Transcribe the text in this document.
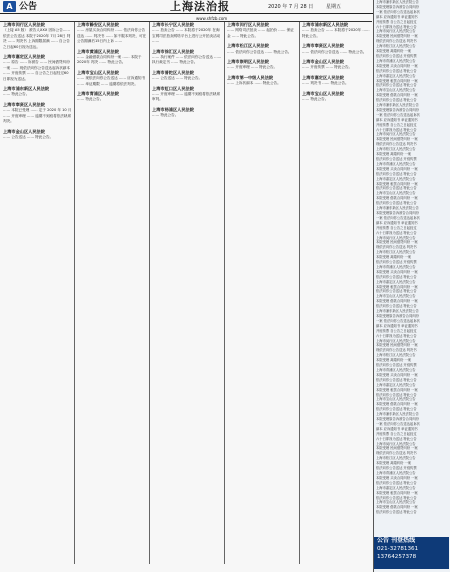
A 公告	上海法治报	2020 年 7 月 28 日	星期五
www.shfzb.com
上海市闵行区人民法院
（上接 A5 版） 被告人XXX 因诉公告…… 依法公告送达 本院于2020年 7月 28日 判决 …… 判决书 上诉期限届满 …… 自公告之日起60日视为送达。
上海市嘉定区人民法院
…… 原告 …… 诉被告 …… 民间借贷纠纷一案 …… 现依法向你公告送达起诉状副本 …… 开庭传票 …… 自公告之日起经过60日即视为送达。
上海市浦东新区人民法院
…… 特此公告。
上海市奉贤区人民法院
…… 本院已受理 …… 定于 2020 年 10 月 …… 开庭审理 …… 逾期不到庭将依法缺席判决。
上海市金山区人民法院
…… 公告送达 …… 特此公告。
上海市静安区人民法院
…… 房屋买卖合同纠纷 …… 依法向你公告送达 …… 判决书 …… 如不服本判决，可在公告期满后15日内上诉 ……
上海市黄浦区人民法院
…… 金融借款合同纠纷一案 …… 本院于2020年 判决 …… 特此公告。
上海市宝山区人民法院
…… 现依法向你公告送达 …… 应诉通知书 …… 举证期限 …… 逾期将依法判决。
上海市青浦区人民法院
…… 特此公告。
上海市长宁区人民法院
…… 拍卖公告 …… 本院将于2020年 在淘宝网司法拍卖网络平台上进行公开拍卖活动 ……
上海市徐汇区人民法院
…… 执行案件 …… 依法向你公告送达 …… 执行裁定书 …… 特此公告。
上海市普陀区人民法院
…… 公告送达 …… 特此公告。
上海市虹口区人民法院
…… 开庭审理 …… 逾期不到庭将依法缺席审判。
上海市杨浦区人民法院
…… 特此公告。
上海市闵行区人民法院
…… 网络司法拍卖 …… 起拍价 …… 保证金 …… 特此公告。
上海市松江区人民法院
…… 依法向你公告送达 …… 特此公告。
上海市崇明区人民法院
…… 开庭审理 …… 特此公告。
上海市第一中级人民法院
…… 上诉状副本 …… 特此公告。
上海市浦东新区人民法院
…… 拍卖公告 …… 本院将于2020年 …… 特此公告。
上海市奉贤区人民法院
…… 依法向你公告送达 …… 特此公告。
上海市金山区人民法院
…… 开庭传票 …… 特此公告。
上海市嘉定区人民法院
…… 判决书 …… 特此公告。
上海市宝山区人民法院
…… 特此公告。
上海市浦东新区人民法院公告
本院受理原告诉被告合同纠纷
一案 依法向你公告送达起诉状
副本 应诉通知书 举证通知书
开庭传票 自公告之日起经过
六十日即视为送达 特此公告
上海市闵行区人民法院公告
本院受理 民间借贷纠纷 一案
现依法向你公告送达 判决书
上海市松江区人民法院公告
本院受理 离婚纠纷 一案
依法向你公告送达 开庭传票
上海市青浦区人民法院公告
本院受理 买卖合同纠纷 一案
依法向你公告送达 特此公告
上海市嘉定区人民法院公告
本院受理 租赁合同纠纷 一案
依法向你公告送达 特此公告
上海市宝山区人民法院公告
本院受理 借款合同纠纷 一案
依法向你公告送达 特此公告
上海市浦东新区人民法院公告
本院受理原告诉被告合同纠纷
一案 依法向你公告送达起诉状
副本 应诉通知书 举证通知书
开庭传票 自公告之日起经过
六十日即视为送达 特此公告
上海市闵行区人民法院公告
本院受理 民间借贷纠纷 一案
现依法向你公告送达 判决书
上海市松江区人民法院公告
本院受理 离婚纠纷 一案
依法向你公告送达 开庭传票
上海市青浦区人民法院公告
本院受理 买卖合同纠纷 一案
依法向你公告送达 特此公告
上海市嘉定区人民法院公告
本院受理 租赁合同纠纷 一案
依法向你公告送达 特此公告
上海市宝山区人民法院公告
本院受理 借款合同纠纷 一案
依法向你公告送达 特此公告
上海市浦东新区人民法院公告
本院受理原告诉被告合同纠纷
一案 依法向你公告送达起诉状
副本 应诉通知书 举证通知书
开庭传票 自公告之日起经过
六十日即视为送达 特此公告
上海市闵行区人民法院公告
本院受理 民间借贷纠纷 一案
现依法向你公告送达 判决书
上海市松江区人民法院公告
本院受理 离婚纠纷 一案
依法向你公告送达 开庭传票
上海市青浦区人民法院公告
本院受理 买卖合同纠纷 一案
依法向你公告送达 特此公告
上海市嘉定区人民法院公告
本院受理 租赁合同纠纷 一案
依法向你公告送达 特此公告
上海市宝山区人民法院公告
本院受理 借款合同纠纷 一案
依法向你公告送达 特此公告
上海市浦东新区人民法院公告
本院受理原告诉被告合同纠纷
一案 依法向你公告送达起诉状
副本 应诉通知书 举证通知书
开庭传票 自公告之日起经过
六十日即视为送达 特此公告
上海市闵行区人民法院公告
本院受理 民间借贷纠纷 一案
现依法向你公告送达 判决书
上海市松江区人民法院公告
本院受理 离婚纠纷 一案
依法向你公告送达 开庭传票
上海市青浦区人民法院公告
本院受理 买卖合同纠纷 一案
依法向你公告送达 特此公告
上海市嘉定区人民法院公告
本院受理 租赁合同纠纷 一案
依法向你公告送达 特此公告
上海市宝山区人民法院公告
本院受理 借款合同纠纷 一案
依法向你公告送达 特此公告
上海市浦东新区人民法院公告
本院受理原告诉被告合同纠纷
一案 依法向你公告送达起诉状
副本 应诉通知书 举证通知书
开庭传票 自公告之日起经过
六十日即视为送达 特此公告
上海市闵行区人民法院公告
本院受理 民间借贷纠纷 一案
现依法向你公告送达 判决书
上海市松江区人民法院公告
本院受理 离婚纠纷 一案
依法向你公告送达 开庭传票
上海市青浦区人民法院公告
本院受理 买卖合同纠纷 一案
依法向你公告送达 特此公告
上海市嘉定区人民法院公告
本院受理 租赁合同纠纷 一案
依法向你公告送达 特此公告
上海市宝山区人民法院公告
本院受理 借款合同纠纷 一案
依法向你公告送达 特此公告
公告 刊登热线
021-32781361
13764257378
